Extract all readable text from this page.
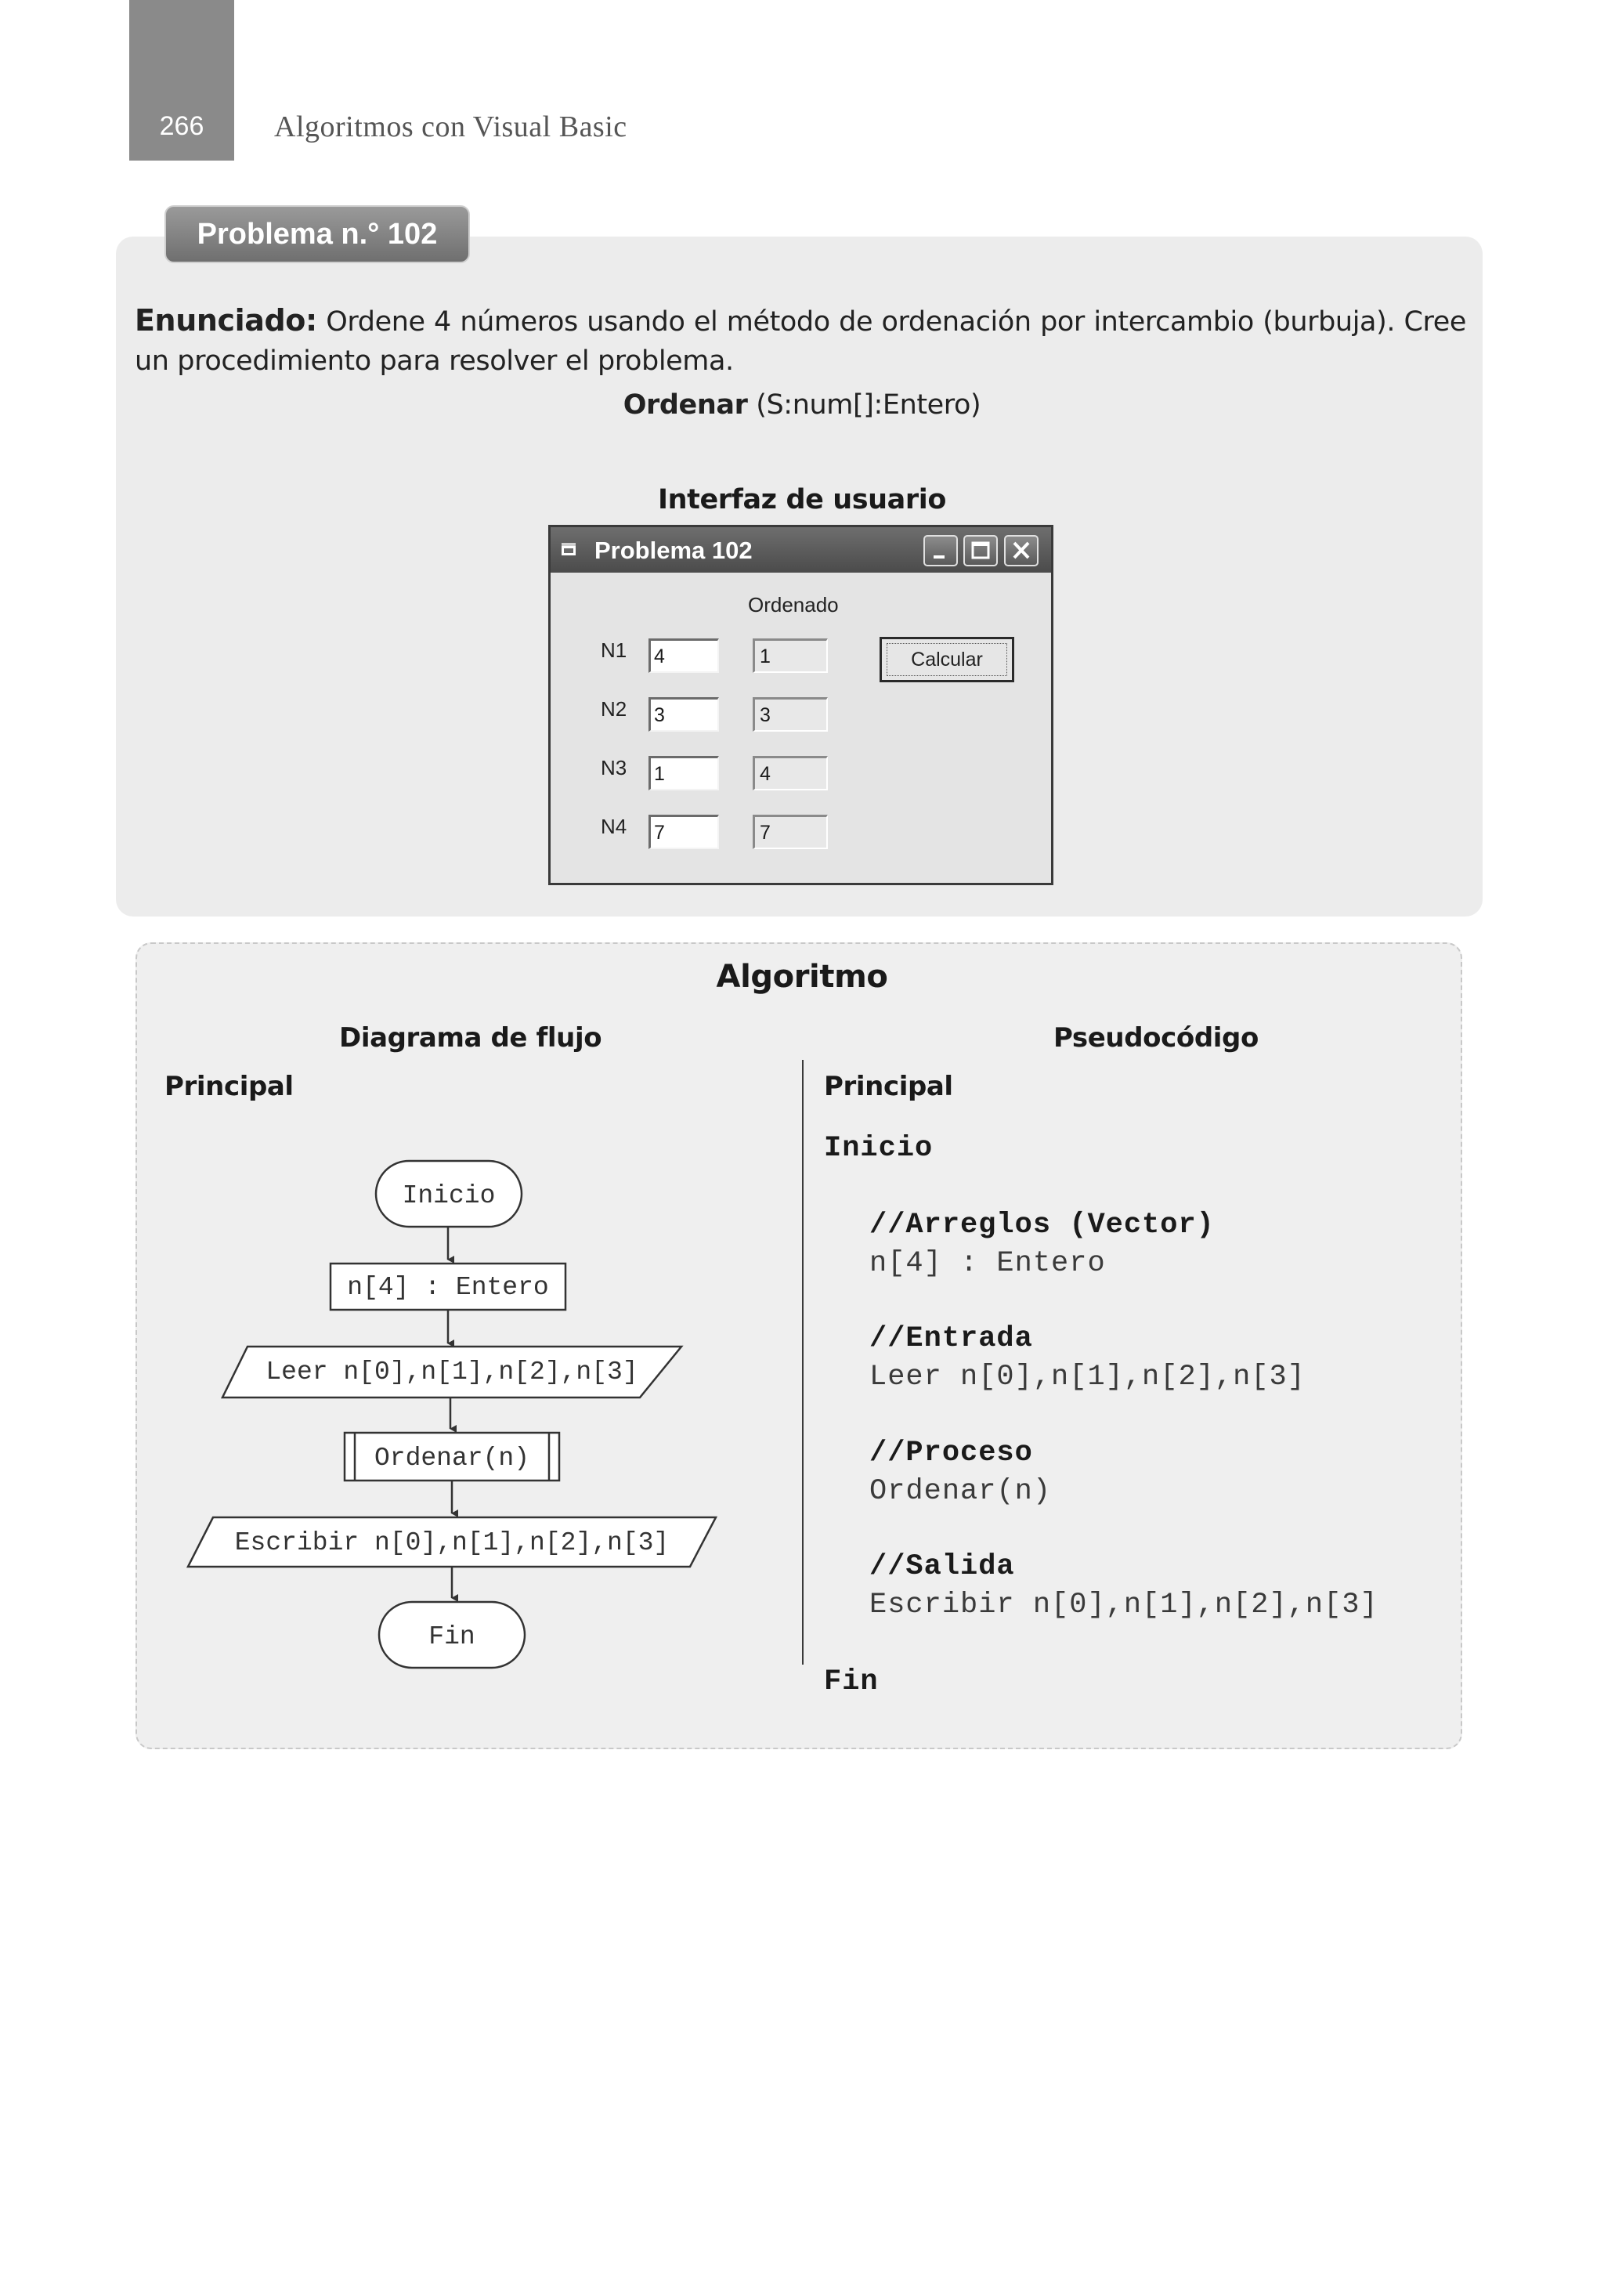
266	Algoritmos con Visual Basic
Problema n.° 102
Enunciado: Ordene 4 números usando el método de ordenación por intercambio (burbuja). Cree un procedimiento para resolver el problema.
Ordenar (S:num[]:Entero)
Interfaz de usuario
Problema 102
Ordenado
N1 4	1
N2 3	3
N3 1	4
N4 7	7
Calcular
Algoritmo
Diagrama de flujo	Pseudocódigo
Principal	Principal
Inicio
n[4] : Entero
Leer n[0],n[1],n[2],n[3]
Ordenar(n)
Escribir n[0],n[1],n[2],n[3]
Fin
Inicio
//Arreglos (Vector)
n[4] : Entero
//Entrada
Leer n[0],n[1],n[2],n[3]
//Proceso
Ordenar(n)
//Salida
Escribir n[0],n[1],n[2],n[3]
Fin
